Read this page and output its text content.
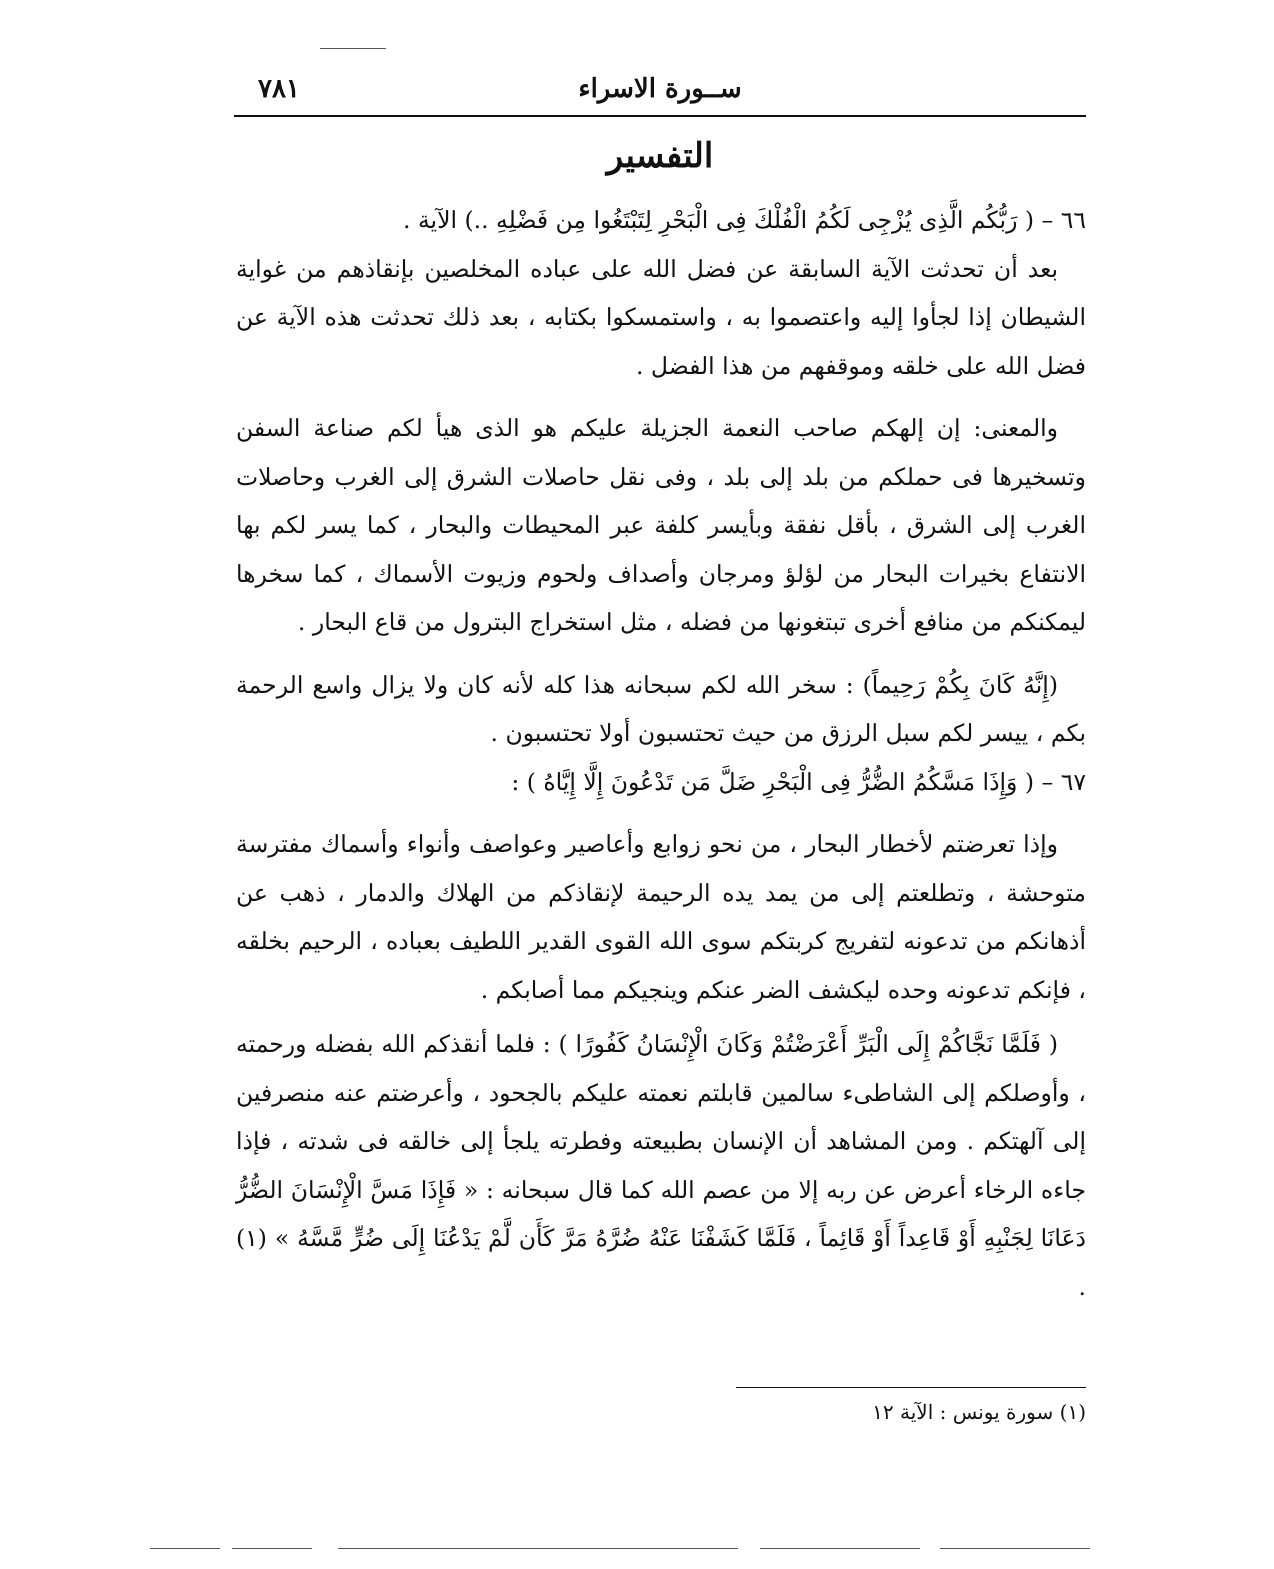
ســورة الاسراء
٧٨١
التفسير

٦٦ – ( رَبُّكُم الَّذِى يُزْجِى لَكُمُ الْفُلْكَ فِى الْبَحْرِ لِتَبْتَغُوا مِن فَضْلِهِ ..) الآية .

بعد أن تحدثت الآية السابقة عن فضل الله على عباده المخلصين بإنقاذهم من غواية الشيطان إذا لجأوا إليه واعتصموا به ، واستمسكوا بكتابه ، بعد ذلك تحدثت هذه الآية عن فضل الله على خلقه وموقفهم من هذا الفضل .

والمعنى: إن إلهكم صاحب النعمة الجزيلة عليكم هو الذى هيأ لكم صناعة السفن وتسخيرها فى حملكم من بلد إلى بلد ، وفى نقل حاصلات الشرق إلى الغرب وحاصلات الغرب إلى الشرق ، بأقل نفقة وبأيسر كلفة عبر المحيطات والبحار ، كما يسر لكم بها الانتفاع بخيرات البحار من لؤلؤ ومرجان وأصداف ولحوم وزيوت الأسماك ، كما سخرها ليمكنكم من منافع أخرى تبتغونها من فضله ، مثل استخراج البترول من قاع البحار .

(إِنَّهُ كَانَ بِكُمْ رَحِيماً) : سخر الله لكم سبحانه هذا كله لأنه كان ولا يزال واسع الرحمة بكم ، ييسر لكم سبل الرزق من حيث تحتسبون أولا تحتسبون .

٦٧ – ( وَإِذَا مَسَّكُمُ الضُّرُّ فِى الْبَحْرِ ضَلَّ مَن تَدْعُونَ إِلَّا إِيَّاهُ ) :

وإذا تعرضتم لأخطار البحار ، من نحو زوابع وأعاصير وعواصف وأنواء وأسماك مفترسة متوحشة ، وتطلعتم إلى من يمد يده الرحيمة لإنقاذكم من الهلاك والدمار ، ذهب عن أذهانكم من تدعونه لتفريج كربتكم سوى الله القوى القدير اللطيف بعباده ، الرحيم بخلقه ، فإنكم تدعونه وحده ليكشف الضر عنكم وينجيكم مما أصابكم .

( فَلَمَّا نَجَّاكُمْ إِلَى الْبَرِّ أَعْرَضْتُمْ وَكَانَ الْإِنْسَانُ كَفُورًا ) : فلما أنقذكم الله بفضله ورحمته ، وأوصلكم إلى الشاطىء سالمين قابلتم نعمته عليكم بالجحود ، وأعرضتم عنه منصرفين إلى آلهتكم . ومن المشاهد أن الإنسان بطبيعته وفطرته يلجأ إلى خالقه فى شدته ، فإذا جاءه الرخاء أعرض عن ربه إلا من عصم الله كما قال سبحانه : « فَإِذَا مَسَّ الْإِنْسَانَ الضُّرُّ دَعَانَا لِجَنْبِهِ أَوْ قَاعِداً أَوْ قَائِماً ، فَلَمَّا كَشَفْنَا عَنْهُ ضُرَّهُ مَرَّ كَأَن لَّمْ يَدْعُنَا إِلَى ضُرٍّ مَّسَّهُ » (١) .

(١) سورة يونس : الآية ١٢
